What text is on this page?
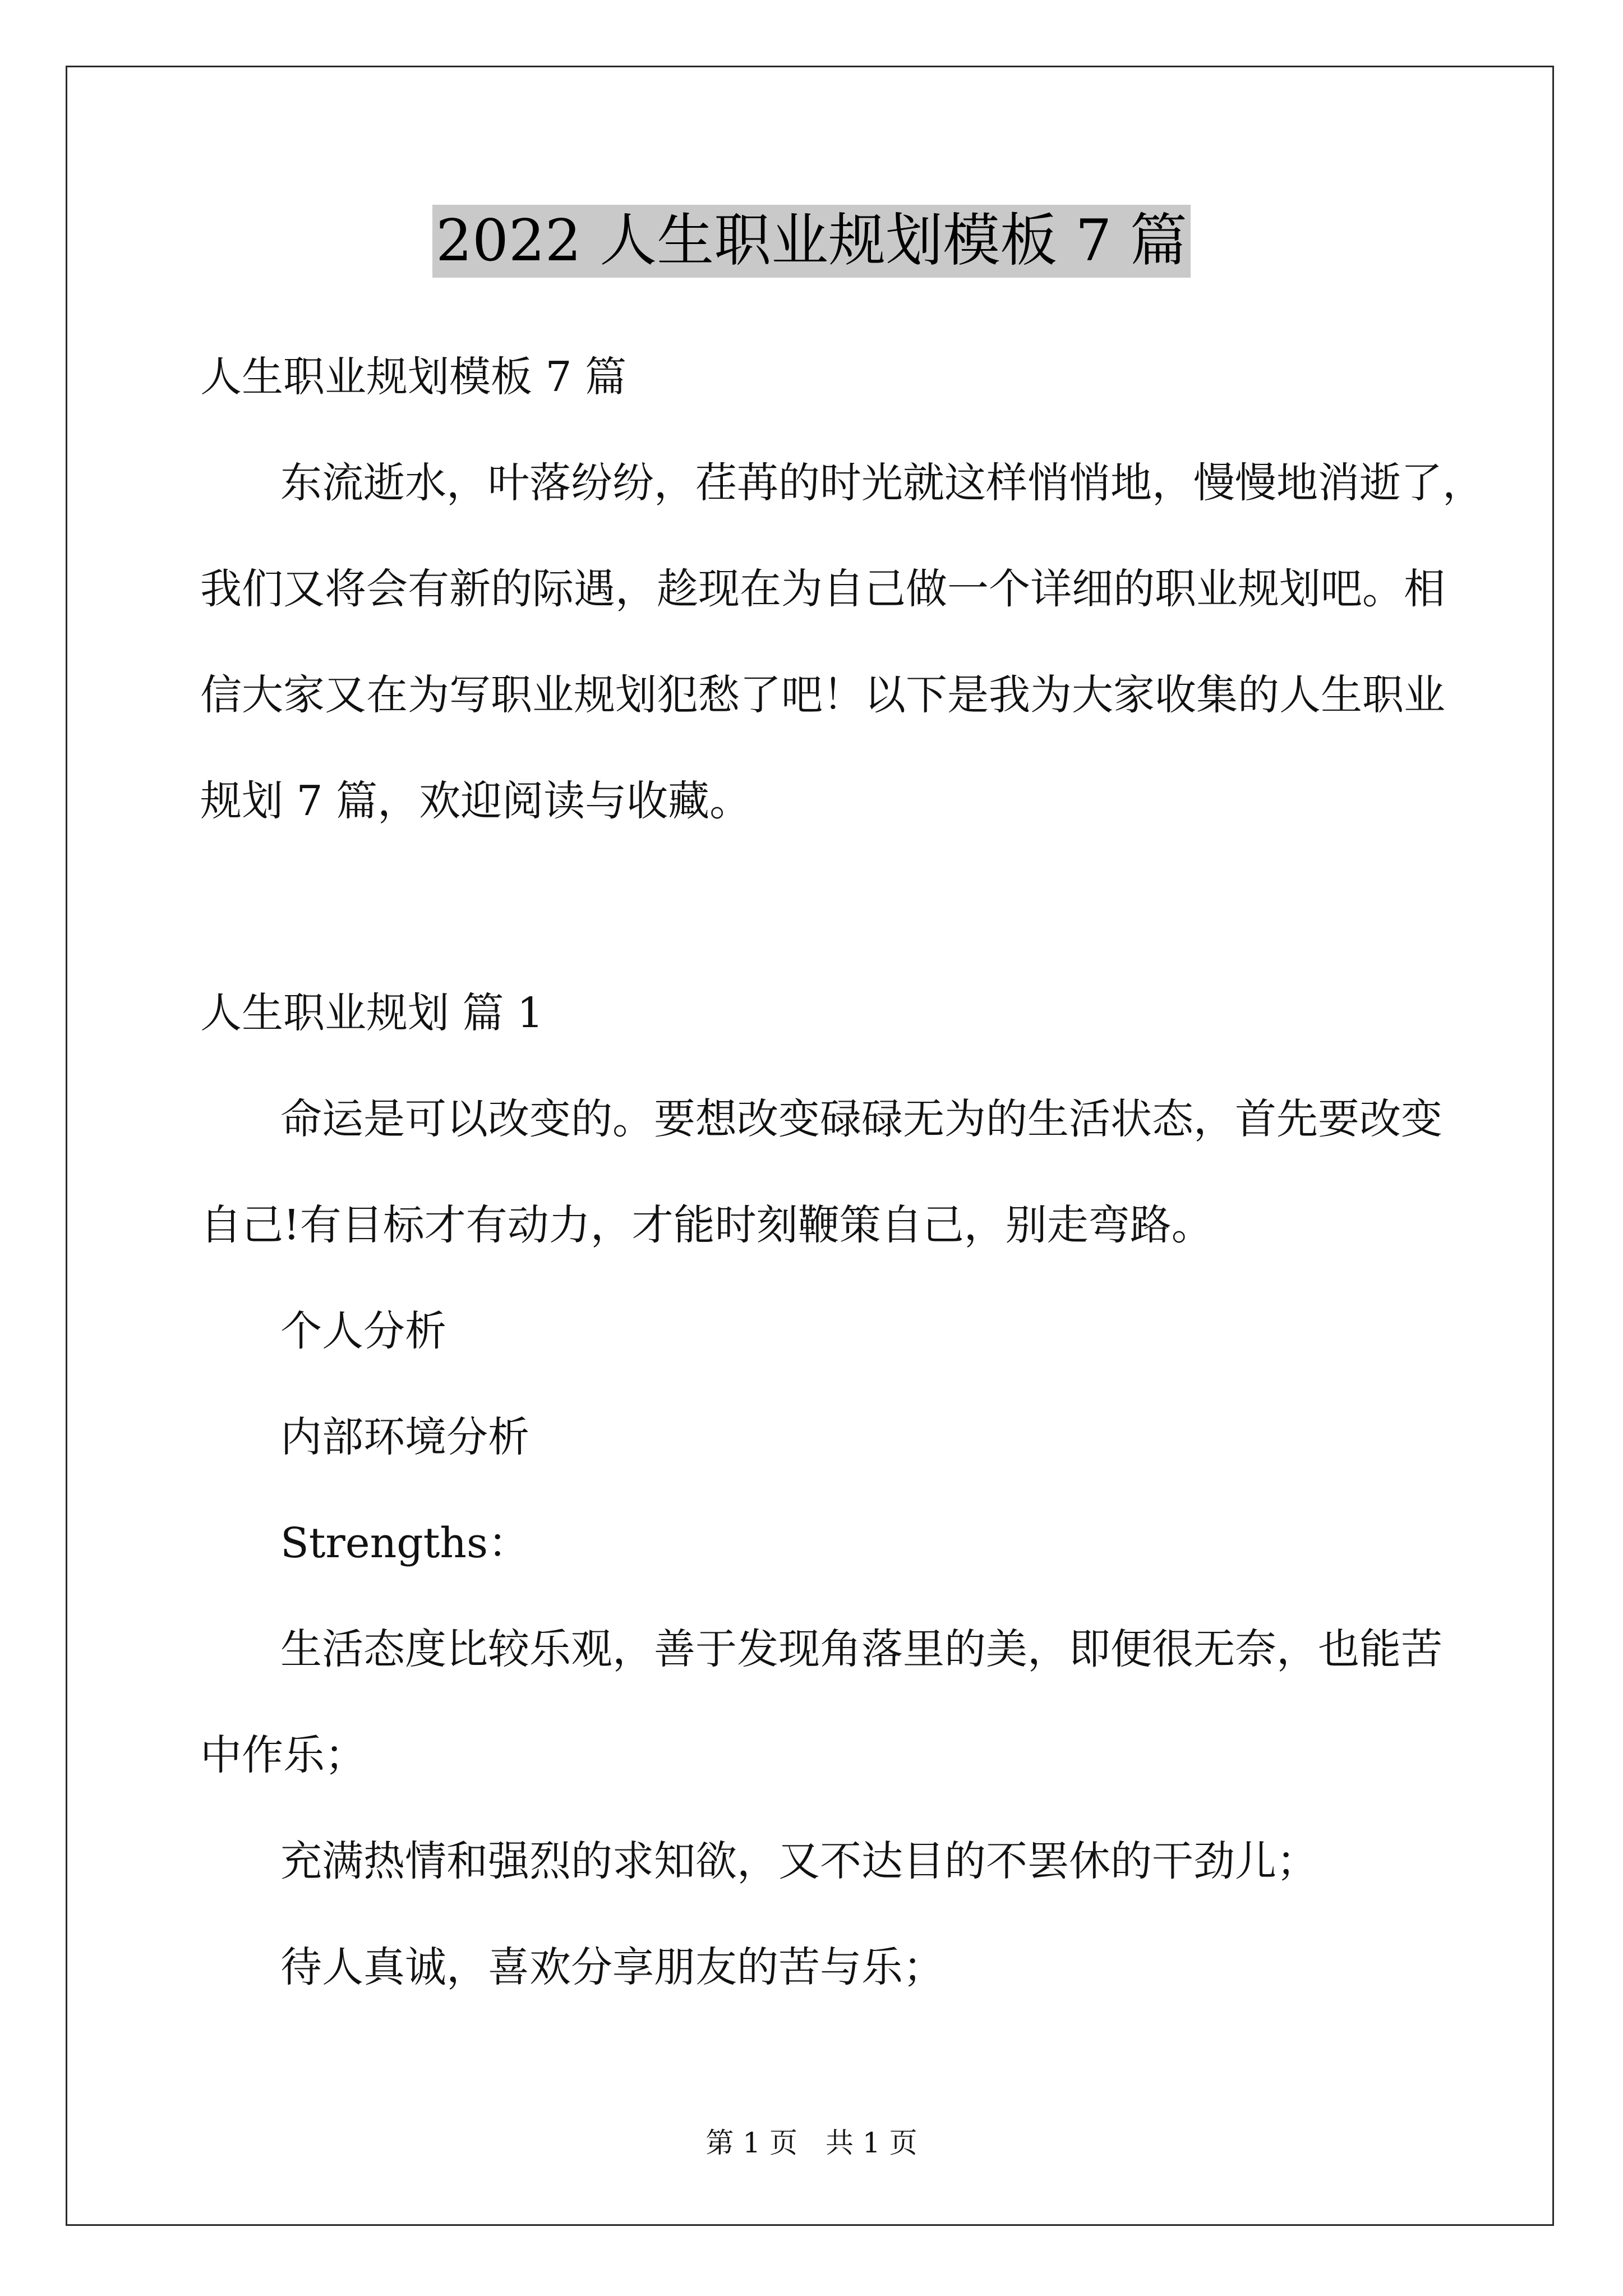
2022 人生职业规划模板 7 篇
人生职业规划模板 7 篇
东流逝水，叶落纷纷，荏苒的时光就这样悄悄地，慢慢地消逝了，
我们又将会有新的际遇，趁现在为自己做一个详细的职业规划吧。相
信大家又在为写职业规划犯愁了吧！以下是我为大家收集的人生职业
规划 7 篇，欢迎阅读与收藏。
人生职业规划 篇 1
命运是可以改变的。要想改变碌碌无为的生活状态，首先要改变
自己!有目标才有动力，才能时刻鞭策自己，别走弯路。
个人分析
内部环境分析
Strengths：
生活态度比较乐观，善于发现角落里的美，即便很无奈，也能苦
中作乐；
充满热情和强烈的求知欲，又不达目的不罢休的干劲儿；
待人真诚，喜欢分享朋友的苦与乐；
第 1 页　共 1 页
